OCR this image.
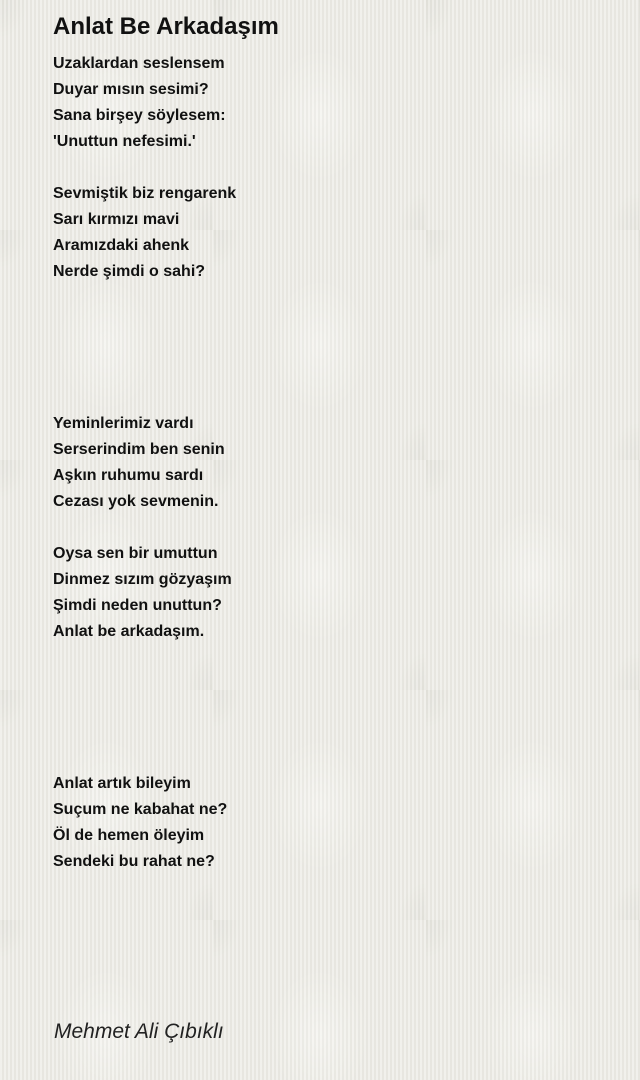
Anlat Be Arkadaşım
Uzaklardan seslensem
Duyar mısın sesimi?
Sana birşey söylesem:
'Unuttun nefesimi.'
Sevmiştik biz rengarenk
Sarı kırmızı mavi
Aramızdaki ahenk
Nerde şimdi o sahi?
Yeminlerimiz vardı
Serserindim ben senin
Aşkın ruhumu sardı
Cezası yok sevmenin.
Oysa sen bir umuttun
Dinmez sızım gözyaşım
Şimdi neden unuttun?
Anlat be arkadaşım.
Anlat artık bileyim
Suçum ne kabahat ne?
Öl de hemen öleyim
Sendeki bu rahat ne?
Mehmet Ali Çıbıklı
